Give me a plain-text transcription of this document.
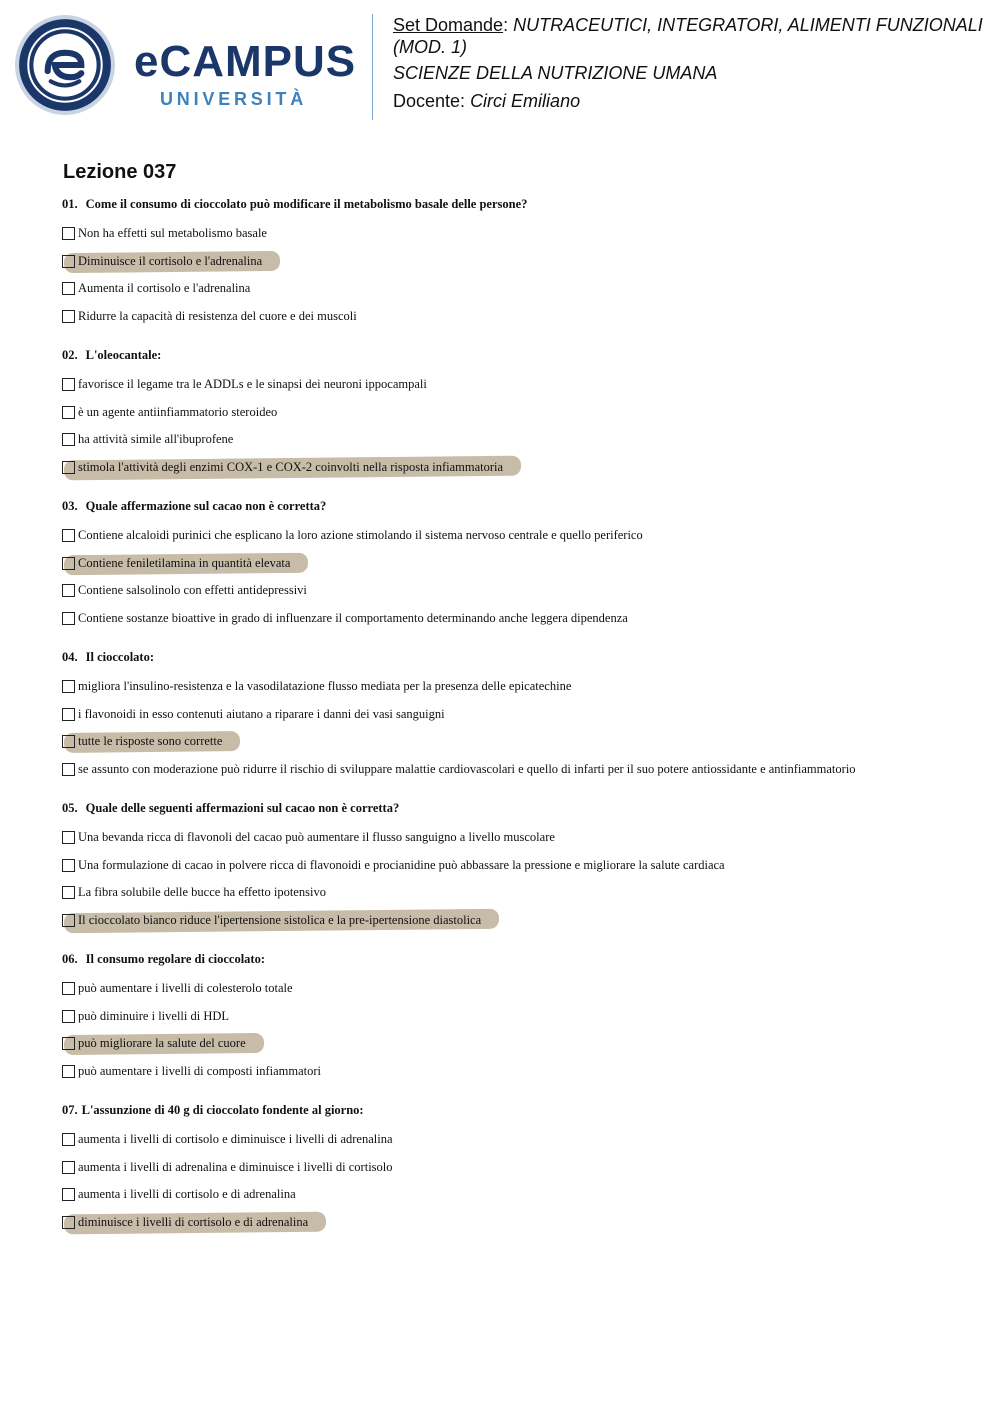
eCAMPUS
UNIVERSITÀ

Set Domande: NUTRACEUTICI, INTEGRATORI, ALIMENTI FUNZIONALI (MOD. 1)

SCIENZE DELLA NUTRIZIONE UMANA

Docente: Circi Emiliano

Lezione 037
01. Come il consumo di cioccolato può modificare il metabolismo basale delle persone?
Non ha effetti sul metabolismo basale
Diminuisce il cortisolo e l'adrenalina
Aumenta il cortisolo e l'adrenalina
Ridurre la capacità di resistenza del cuore e dei muscoli
02. L'oleocantale:
favorisce il legame tra le ADDLs e le sinapsi dei neuroni ippocampali
è un agente antiinfiammatorio steroideo
ha attività simile all'ibuprofene
stimola l'attività degli enzimi COX-1 e COX-2 coinvolti nella risposta infiammatoria
03. Quale affermazione sul cacao non è corretta?
Contiene alcaloidi purinici che esplicano la loro azione stimolando il sistema nervoso centrale e quello periferico
Contiene feniletilamina in quantità elevata
Contiene salsolinolo con effetti antidepressivi
Contiene sostanze bioattive in grado di influenzare il comportamento determinando anche leggera dipendenza
04. Il cioccolato:
migliora l'insulino-resistenza e la vasodilatazione flusso mediata per la presenza delle epicatechine
i flavonoidi in esso contenuti aiutano a riparare i danni dei vasi sanguigni
tutte le risposte sono corrette
se assunto con moderazione può ridurre il rischio di sviluppare malattie cardiovascolari e quello di infarti per il suo potere antiossidante e antinfiammatorio
05. Quale delle seguenti affermazioni sul cacao non è corretta?
Una bevanda ricca di flavonoli del cacao può aumentare il flusso sanguigno a livello muscolare
Una formulazione di cacao in polvere ricca di flavonoidi e procianidine può abbassare la pressione e migliorare la salute cardiaca
La fibra solubile delle bucce ha effetto ipotensivo
Il cioccolato bianco riduce l'ipertensione sistolica e la pre-ipertensione diastolica
06. Il consumo regolare di cioccolato:
può aumentare i livelli di colesterolo totale
può diminuire i livelli di HDL
può migliorare la salute del cuore
può aumentare i livelli di composti infiammatori
07. L'assunzione di 40 g di cioccolato fondente al giorno:
aumenta i livelli di cortisolo e diminuisce i livelli di adrenalina
aumenta i livelli di adrenalina e diminuisce i livelli di cortisolo
aumenta i livelli di cortisolo e di adrenalina
diminuisce i livelli di cortisolo e di adrenalina
